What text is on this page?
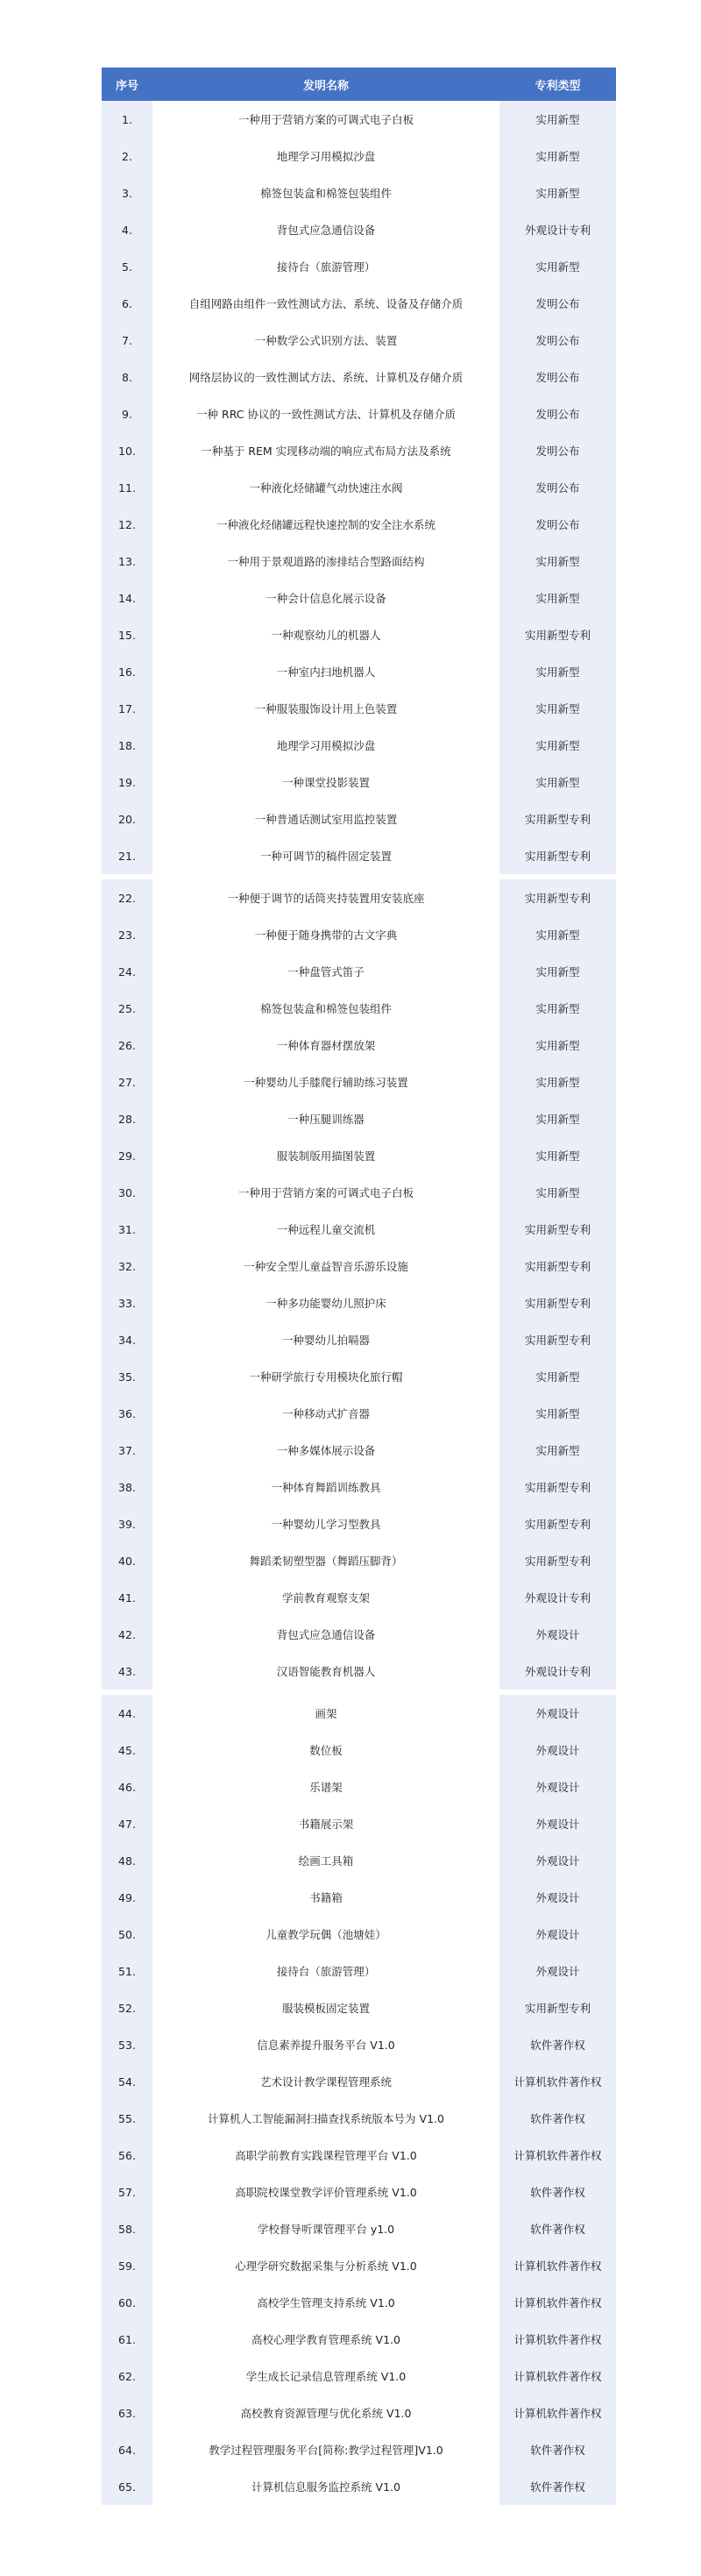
序号	发明名称	专利类型
1.	一种用于营销方案的可调式电子白板	实用新型
2.	地理学习用模拟沙盘	实用新型
3.	棉签包装盒和棉签包装组件	实用新型
4.	背包式应急通信设备	外观设计专利
5.	接待台（旅游管理）	实用新型
6.	自组网路由组件一致性测试方法、系统、设备及存储介质	发明公布
7.	一种数学公式识别方法、装置	发明公布
8.	网络层协议的一致性测试方法、系统、计算机及存储介质	发明公布
9.	一种 RRC 协议的一致性测试方法、计算机及存储介质	发明公布
10.	一种基于 REM 实现移动端的响应式布局方法及系统	发明公布
11.	一种液化烃储罐气动快速注水阀	发明公布
12.	一种液化烃储罐远程快速控制的安全注水系统	发明公布
13.	一种用于景观道路的渗排结合型路面结构	实用新型
14.	一种会计信息化展示设备	实用新型
15.	一种观察幼儿的机器人	实用新型专利
16.	一种室内扫地机器人	实用新型
17.	一种服装服饰设计用上色装置	实用新型
18.	地理学习用模拟沙盘	实用新型
19.	一种课堂投影装置	实用新型
20.	一种普通话测试室用监控装置	实用新型专利
21.	一种可调节的稿件固定装置	实用新型专利
22.	一种便于调节的话筒夹持装置用安装底座	实用新型专利
23.	一种便于随身携带的古文字典	实用新型
24.	一种盘管式笛子	实用新型
25.	棉签包装盒和棉签包装组件	实用新型
26.	一种体育器材摆放架	实用新型
27.	一种婴幼儿手膝爬行辅助练习装置	实用新型
28.	一种压腿训练器	实用新型
29.	服装制版用描图装置	实用新型
30.	一种用于营销方案的可调式电子白板	实用新型
31.	一种远程儿童交流机	实用新型专利
32.	一种安全型儿童益智音乐游乐设施	实用新型专利
33.	一种多功能婴幼儿照护床	实用新型专利
34.	一种婴幼儿拍嗝器	实用新型专利
35.	一种研学旅行专用模块化旅行帽	实用新型
36.	一种移动式扩音器	实用新型
37.	一种多媒体展示设备	实用新型
38.	一种体育舞蹈训练教具	实用新型专利
39.	一种婴幼儿学习型教具	实用新型专利
40.	舞蹈柔韧塑型器（舞蹈压脚背）	实用新型专利
41.	学前教育观察支架	外观设计专利
42.	背包式应急通信设备	外观设计
43.	汉语智能教育机器人	外观设计专利
44.	画架	外观设计
45.	数位板	外观设计
46.	乐谱架	外观设计
47.	书籍展示架	外观设计
48.	绘画工具箱	外观设计
49.	书籍箱	外观设计
50.	儿童教学玩偶（池塘娃）	外观设计
51.	接待台（旅游管理）	外观设计
52.	服装模板固定装置	实用新型专利
53.	信息素养提升服务平台 V1.0	软件著作权
54.	艺术设计教学课程管理系统	计算机软件著作权
55.	计算机人工智能漏洞扫描查找系统版本号为 V1.0	软件著作权
56.	高职学前教育实践课程管理平台 V1.0	计算机软件著作权
57.	高职院校课堂教学评价管理系统 V1.0	软件著作权
58.	学校督导听课管理平台 y1.0	软件著作权
59.	心理学研究数据采集与分析系统 V1.0	计算机软件著作权
60.	高校学生管理支持系统 V1.0	计算机软件著作权
61.	高校心理学教育管理系统 V1.0	计算机软件著作权
62.	学生成长记录信息管理系统 V1.0	计算机软件著作权
63.	高校教育资源管理与优化系统 V1.0	计算机软件著作权
64.	教学过程管理服务平台[简称:教学过程管理]V1.0	软件著作权
65.	计算机信息服务监控系统 V1.0	软件著作权
